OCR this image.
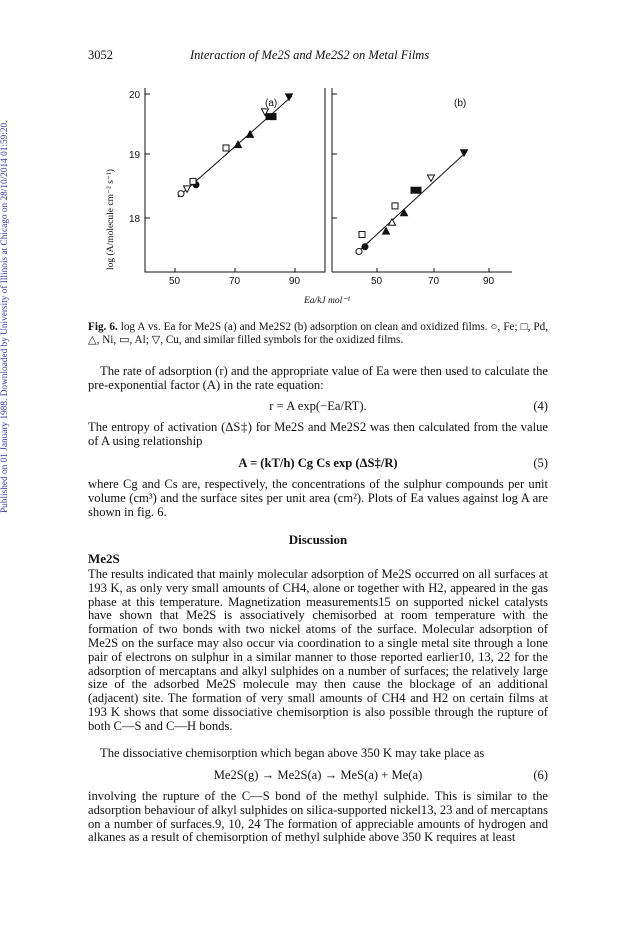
Published on 01 January 1988. Downloaded by University of Illinois at Chicago on 28/10/2014 01:59:20.
3052	Interaction of Me2S and Me2S2 on Metal Films
20
19
18
50	70	90	50	70	90
(a)	(b)
Ea/kJ mol⁻¹
log (A/molecule cm⁻² s⁻¹)
Fig. 6. log A vs. Ea for Me2S (a) and Me2S2 (b) adsorption on clean and oxidized films. ○, Fe; □, Pd, △, Ni, ▭, Al; ▽, Cu, and similar filled symbols for the oxidized films.
The rate of adsorption (r) and the appropriate value of Ea were then used to calculate the pre-exponential factor (A) in the rate equation:
r = A exp(−Ea/RT).	(4)
The entropy of activation (ΔS‡) for Me2S and Me2S2 was then calculated from the value of A using relationship
A = (kT/h) Cg Cs exp (ΔS‡/R)	(5)
where Cg and Cs are, respectively, the concentrations of the sulphur compounds per unit volume (cm³) and the surface sites per unit area (cm²). Plots of Ea values against log A are shown in fig. 6.
Discussion
Me2S
The results indicated that mainly molecular adsorption of Me2S occurred on all surfaces at 193 K, as only very small amounts of CH4, alone or together with H2, appeared in the gas phase at this temperature. Magnetization measurements15 on supported nickel catalysts have shown that Me2S is associatively chemisorbed at room temperature with the formation of two bonds with two nickel atoms of the surface. Molecular adsorption of Me2S on the surface may also occur via coordination to a single metal site through a lone pair of electrons on sulphur in a similar manner to those reported earlier10, 13, 22 for the adsorption of mercaptans and alkyl sulphides on a number of surfaces; the relatively large size of the adsorbed Me2S molecule may then cause the blockage of an additional (adjacent) site. The formation of very small amounts of CH4 and H2 on certain films at 193 K shows that some dissociative chemisorption is also possible through the rupture of both C—S and C—H bonds.
The dissociative chemisorption which began above 350 K may take place as
Me2S(g) → Me2S(a) → MeS(a) + Me(a)	(6)
involving the rupture of the C—S bond of the methyl sulphide. This is similar to the adsorption behaviour of alkyl sulphides on silica-supported nickel13, 23 and of mercaptans on a number of surfaces.9, 10, 24 The formation of appreciable amounts of hydrogen and alkanes as a result of chemisorption of methyl sulphide above 350 K requires at least
